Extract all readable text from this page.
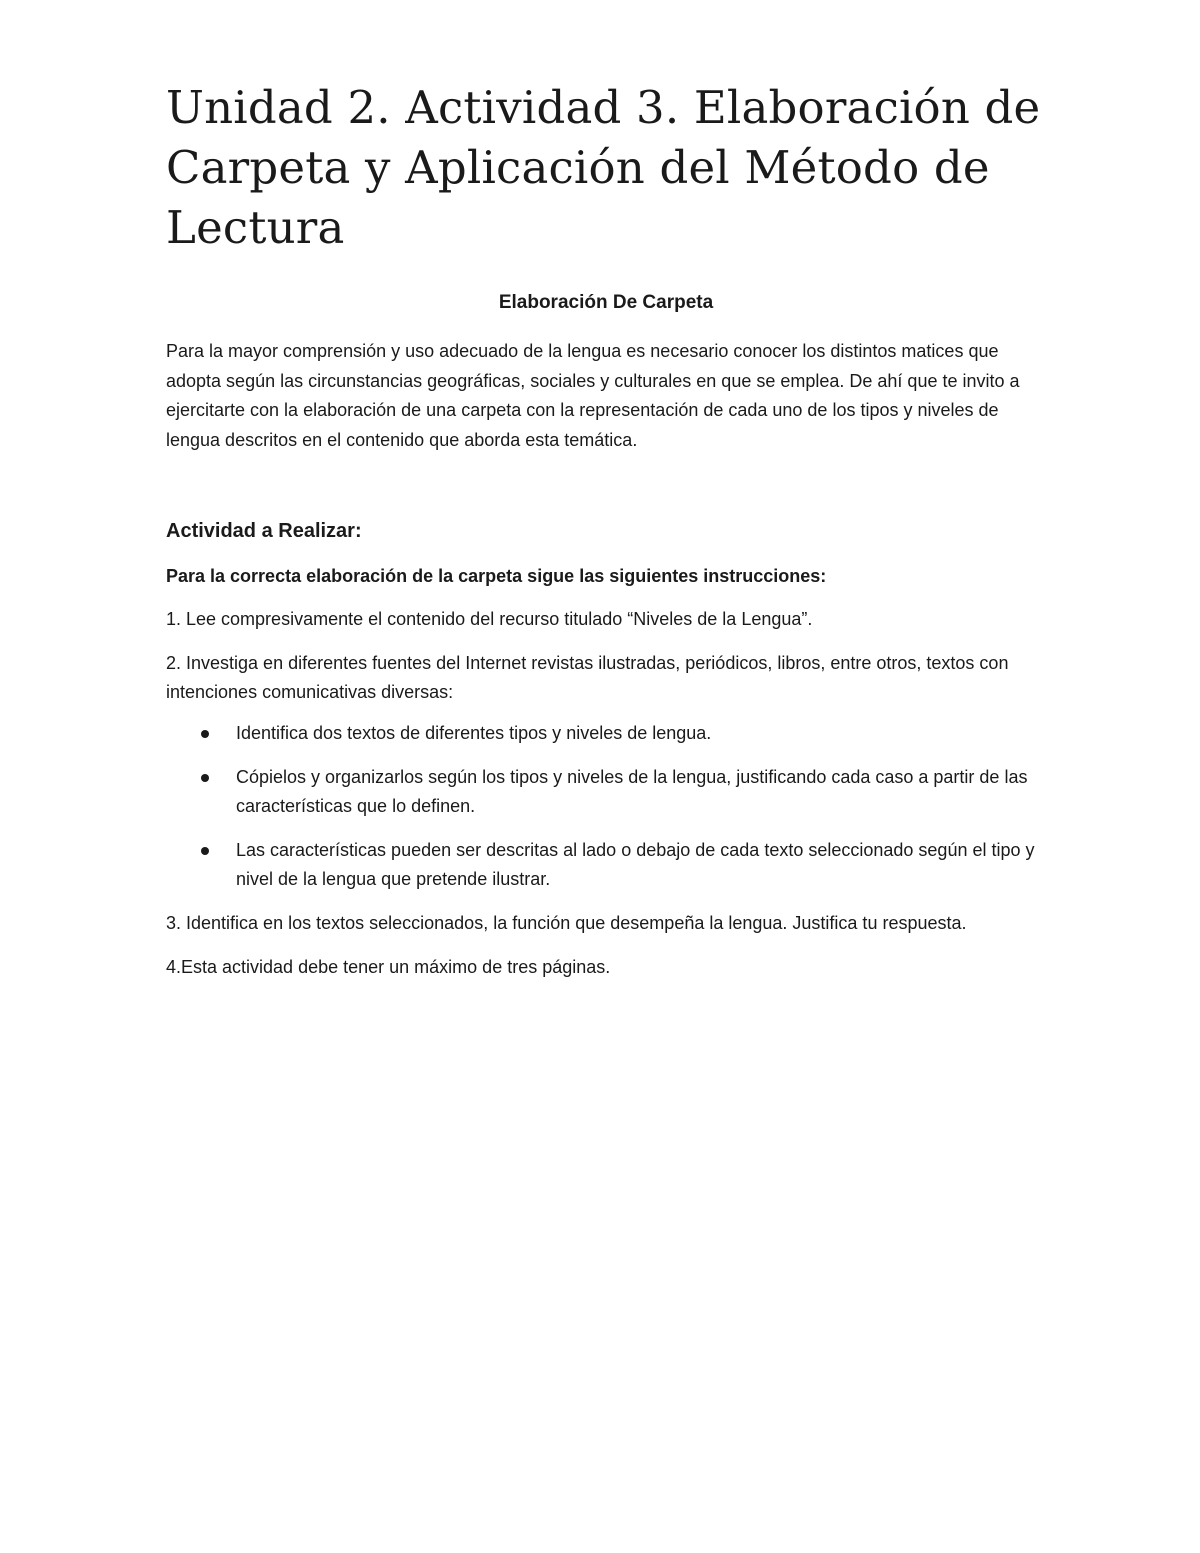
Unidad 2. Actividad 3. Elaboración de Carpeta y Aplicación del Método de Lectura
Elaboración De Carpeta

Para la mayor comprensión y uso adecuado de la lengua es necesario conocer los distintos matices que adopta según las circunstancias geográficas, sociales y culturales en que se emplea. De ahí que te invito a ejercitarte con la elaboración de una carpeta con la representación de cada uno de los tipos y niveles de lengua descritos en el contenido que aborda esta temática.

Actividad a Realizar:
Para la correcta elaboración de la carpeta sigue las siguientes instrucciones:

1. Lee compresivamente el contenido del recurso titulado “Niveles de la Lengua”.

2. Investiga en diferentes fuentes del Internet revistas ilustradas, periódicos, libros, entre otros, textos con intenciones comunicativas diversas:

Identifica dos textos de diferentes tipos y niveles de lengua.
Cópielos y organizarlos según los tipos y niveles de la lengua, justificando cada caso a partir de las características que lo definen.
Las características pueden ser descritas al lado o debajo de cada texto seleccionado según el tipo y nivel de la lengua que pretende ilustrar.

3. Identifica en los textos seleccionados, la función que desempeña la lengua. Justifica tu respuesta.

4.Esta actividad debe tener un máximo de tres páginas.
